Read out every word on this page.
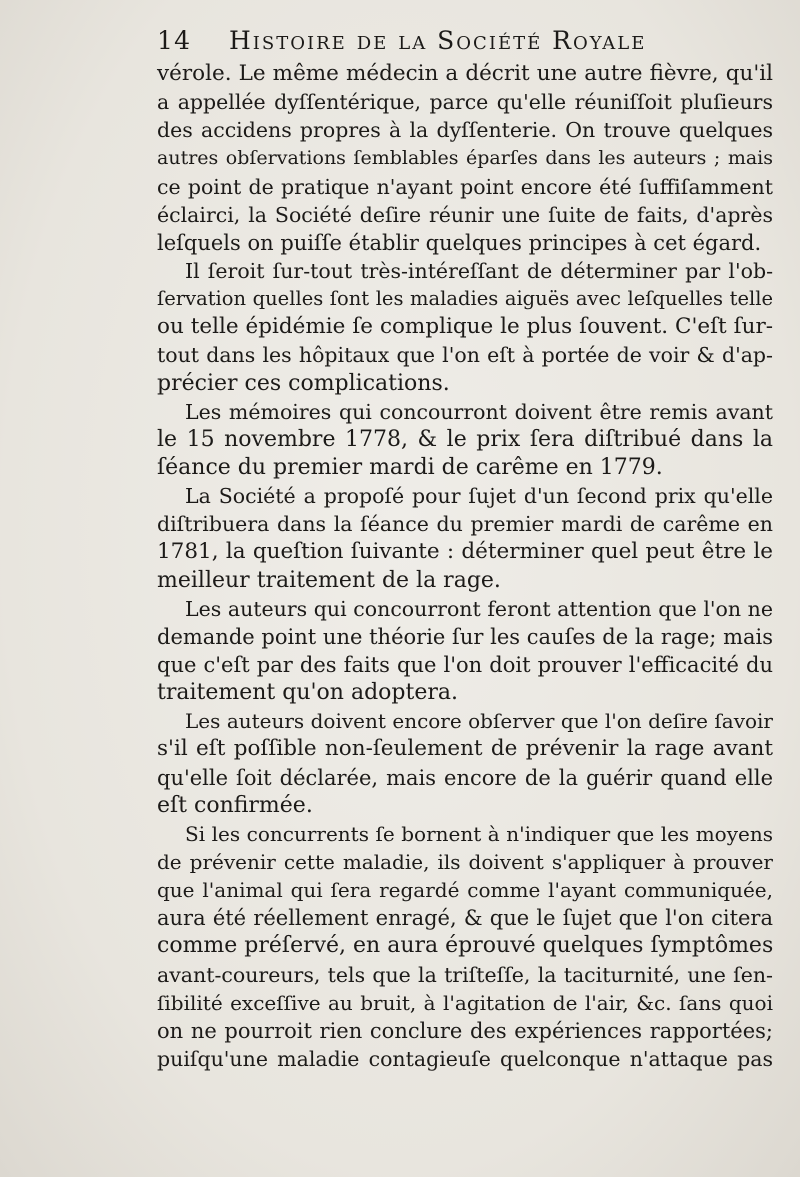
14 Histoire de la Société Royale
vérole. Le même médecin a décrit une autre fièvre, qu'il
a appellée dyſſentérique, parce qu'elle réuniſſoit pluſieurs
des accidens propres à la dyſſenterie. On trouve quelques
autres obſervations ſemblables éparſes dans les auteurs ; mais
ce point de pratique n'ayant point encore été ſuffiſamment
éclairci, la Société deſire réunir une ſuite de faits, d'après
leſquels on puiſſe établir quelques principes à cet égard.
Il ſeroit ſur-tout très-intéreſſant de déterminer par l'ob-
ſervation quelles ſont les maladies aiguës avec leſquelles telle
ou telle épidémie ſe complique le plus ſouvent. C'eſt ſur-
tout dans les hôpitaux que l'on eſt à portée de voir & d'ap-
précier ces complications.
Les mémoires qui concourront doivent être remis avant
le 15 novembre 1778, & le prix ſera diſtribué dans la
ſéance du premier mardi de carême en 1779.
La Société a propoſé pour ſujet d'un ſecond prix qu'elle
diſtribuera dans la ſéance du premier mardi de carême en
1781, la queſtion ſuivante : déterminer quel peut être le
meilleur traitement de la rage.
Les auteurs qui concourront feront attention que l'on ne
demande point une théorie ſur les cauſes de la rage; mais
que c'eſt par des faits que l'on doit prouver l'efficacité du
traitement qu'on adoptera.
Les auteurs doivent encore obſerver que l'on deſire ſavoir
s'il eſt poſſible non-ſeulement de prévenir la rage avant
qu'elle ſoit déclarée, mais encore de la guérir quand elle
eſt confirmée.
Si les concurrents ſe bornent à n'indiquer que les moyens
de prévenir cette maladie, ils doivent s'appliquer à prouver
que l'animal qui ſera regardé comme l'ayant communiquée,
aura été réellement enragé, & que le ſujet que l'on citera
comme préſervé, en aura éprouvé quelques ſymptômes
avant-coureurs, tels que la triſteſſe, la taciturnité, une ſen-
ſibilité exceſſive au bruit, à l'agitation de l'air, &c. ſans quoi
on ne pourroit rien conclure des expériences rapportées;
puiſqu'une maladie contagieuſe quelconque n'attaque pas
